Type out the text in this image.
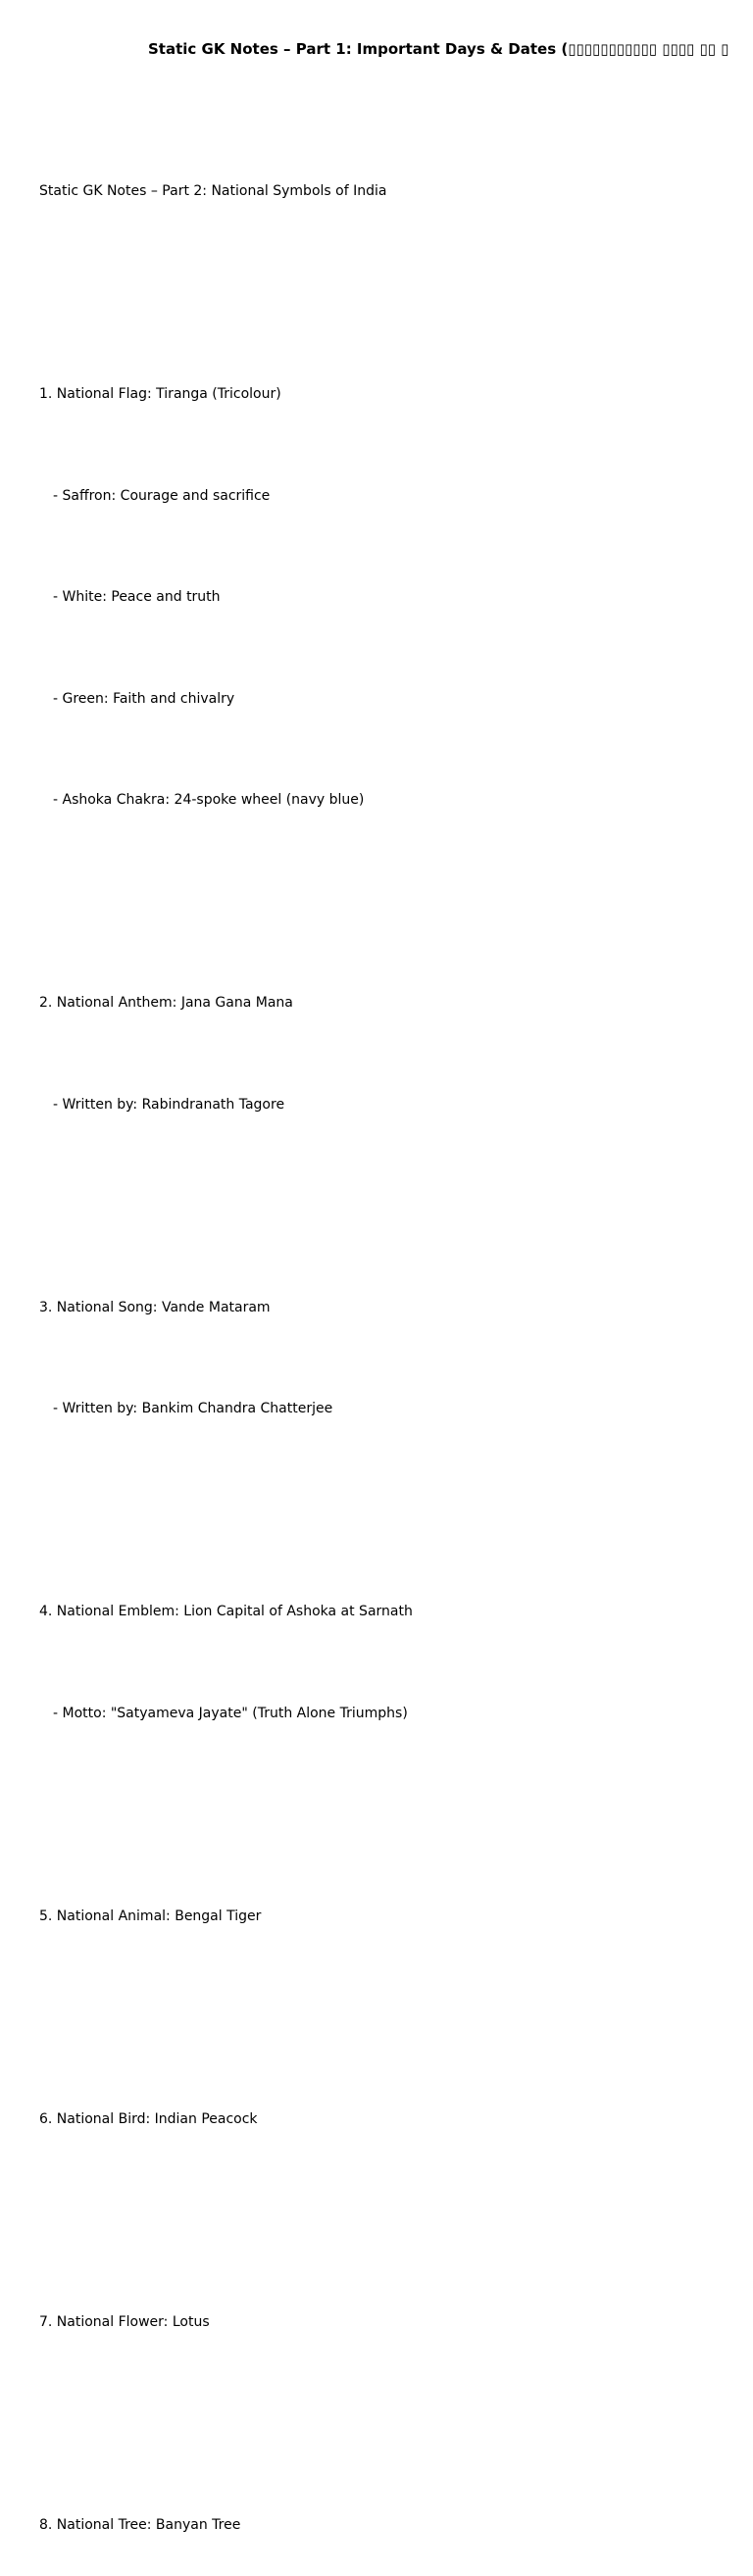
Static GK Notes – Part 1: Important Days & Dates (▯▯▯▯▯▯▯▯▯▯▯ ▯▯▯▯ ▯▯ ▯

Static GK Notes – Part 2: National Symbols of India

1. National Flag: Tiranga (Tricolour)

- Saffron: Courage and sacrifice

- White: Peace and truth

- Green: Faith and chivalry

- Ashoka Chakra: 24-spoke wheel (navy blue)

2. National Anthem: Jana Gana Mana

- Written by: Rabindranath Tagore

3. National Song: Vande Mataram

- Written by: Bankim Chandra Chatterjee

4. National Emblem: Lion Capital of Ashoka at Sarnath

- Motto: "Satyameva Jayate" (Truth Alone Triumphs)

5. National Animal: Bengal Tiger

6. National Bird: Indian Peacock

7. National Flower: Lotus

8. National Tree: Banyan Tree
